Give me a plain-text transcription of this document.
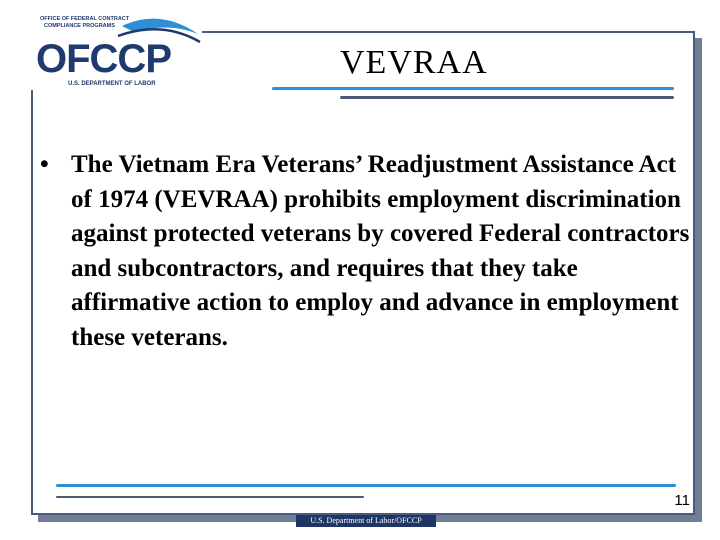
OFFICE OF FEDERAL CONTRACT
COMPLIANCE PROGRAMS
OFCCP
U.S. DEPARTMENT OF LABOR
VEVRAA
• The Vietnam Era Veterans’ Readjustment Assistance Act of 1974 (VEVRAA) prohibits employment discrimination against protected veterans by covered Federal contractors and subcontractors, and requires that they take affirmative action to employ and advance in employment these veterans.
11
U.S. Department of Labor/OFCCP
